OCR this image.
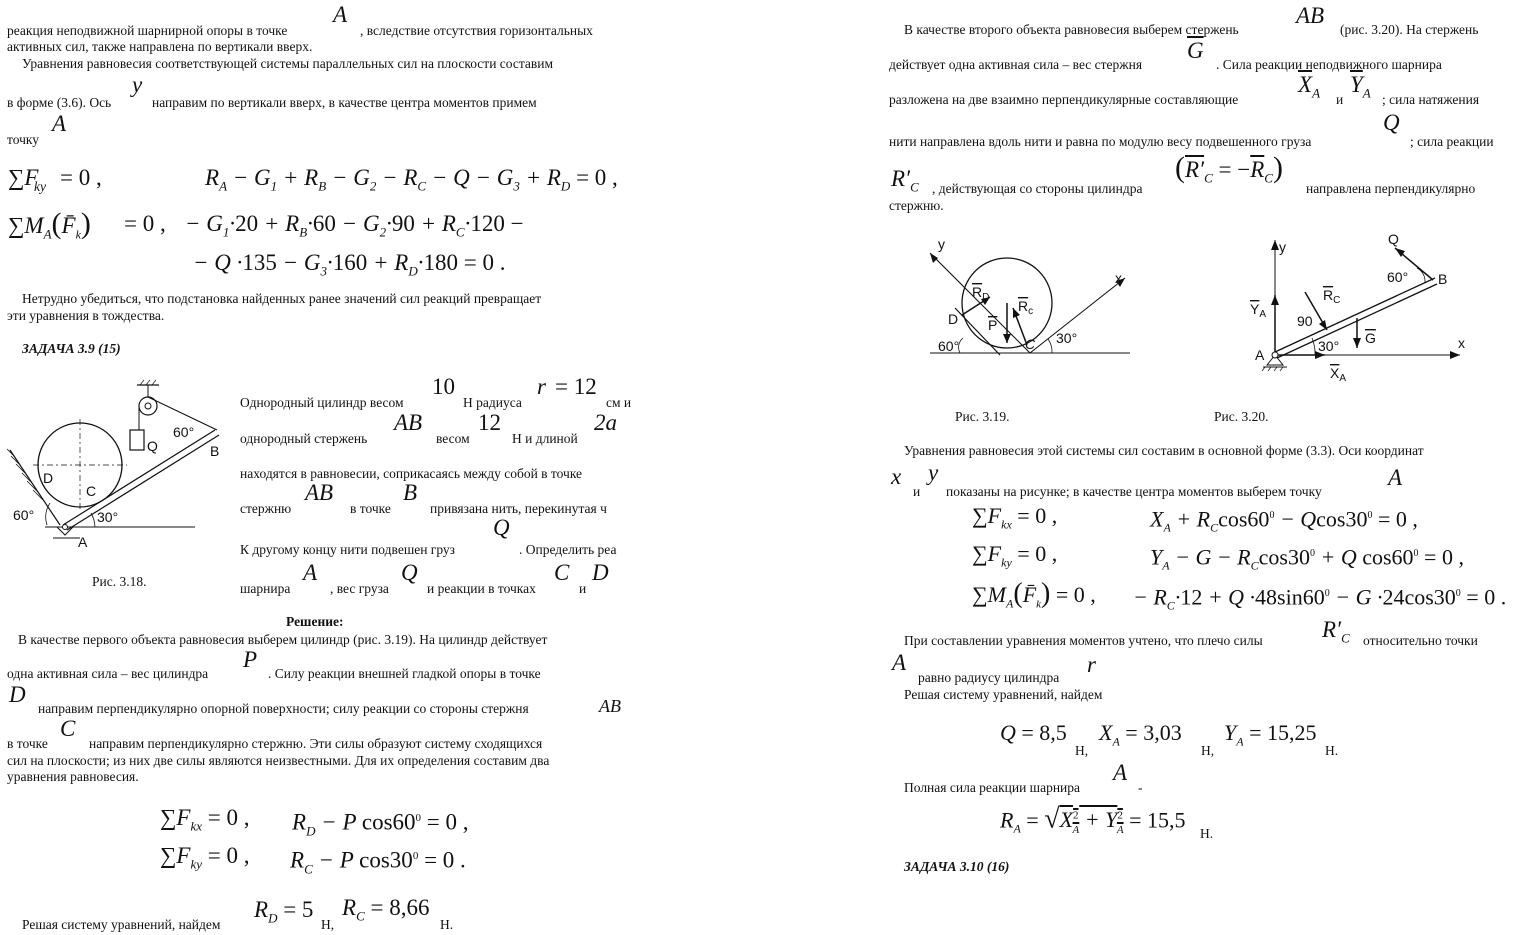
реакция неподвижной шарнирной опоры в точке
A
, вследствие отсутствия горизонтальных
активных сил, также направлена по вертикали вверх.
Уравнения равновесия соответствующей системы параллельных сил на плоскости составим
в форме (3.6). Ось
y
направим по вертикали вверх, в качестве центра моментов примем
точку
A
∑F
ky = 0 ,	$R_A - G_1 + R_B - G_2 - R_C - Q - G_3 + R_D = 0$ ,
$\sum M_A(F̄_k) = 0$ , − $G_1\cdot 20 + R_B\cdot 60 - G_2\cdot 90 + R_C\cdot 120$ −
− $Q \cdot 135 - G_3\cdot 160 + R_D\cdot 180 = 0$ .
Нетрудно убедиться, что подстановка найденных ранее значений сил реакций превращает
эти уравнения в тождества.
ЗАДАЧА 3.9 (15)
Q	B
60°
D
C
60°	30°
A
Рис. 3.18.
Однородный цилиндр весом
10
Н радиуса
r = 12
см и
однородный стержень
AB
весом
12
Н и длиной
2a
находятся в равновесии, соприкасаясь между собой в точке
стержню
AB
в точке
B
привязана нить, перекинутая ч
Q
К другому концу нити подвешен груз	. Определить реа
шарнира
A
, вес груза
Q
и реакции в точках
C
и
D
Решение:
В качестве первого объекта равновесия выберем цилиндр (рис. 3.19). На цилиндр действует
одна активная сила – вес цилиндра
P
. Силу реакции внешней гладкой опоры в точке
D
направим перпендикулярно опорной поверхности; силу реакции со стороны стержня	AB
в точке
C
направим перпендикулярно стержню. Эти силы образуют систему сходящихся
сил на плоскости; из них две силы являются неизвестными. Для их определения составим два
уравнения равновесия.
$\sum F_{kx} = 0$ , $R_D - P$ $\cos 60^0 = 0$ ,
$\sum F_{ky} = 0$ , $R_C - P$ $\cos 30^0 = 0$ .
Решая систему уравнений, найдем
$R_D = 5$
Н,
$R_C = 8,66$
Н.
В качестве второго объекта равновесия выберем стержень
AB
(рис. 3.20). На стержень
действует одна активная сила – вес стержня
$\overline{G}$
. Сила реакции неподвижного шарнира
разложена на две взаимно перпендикулярные составляющие
$\overline{X}_A$ и
$\overline{Y}_A$ ; сила натяжения
нити направлена вдоль нити и равна по модулю весу подвешенного груза
Q
; сила реакции
$R'_C$ , действующая со стороны цилиндра
$(R'_C = -\overline{R}_C)$
направлена перпендикулярно
стержню.
y
x
$R_D$
P
$R_c$
D
C
60°	30°
Рис. 3.19.
y
x
Q
B
$Y_A$
$R_C$
90
60°
A
30° G
$X_A$
Рис. 3.20.
Уравнения равновесия этой системы сил составим в основной форме (3.3). Оси координат
x
и
y
показаны на рисунке; в качестве центра моментов выберем точку
A
$\sum F_{kx} = 0$ ,	$X_A + R_C\cos 60^0 - Qcos30^0 = 0$ ,
$\sum F_{ky} = 0$ ,	$Y_A - G - R_C\cos 30^0 + Q$ $\cos 60^0 = 0$ ,
$\sum M_A(F̄_k) = 0$ , − $R_C\cdot 12 + Q \cdot 48\sin 60^0 - G \cdot 24\cos 30^0 = 0$ .
При составлении уравнения моментов учтено, что плечо силы	$R'_C$ относительно точки
A
равно радиусу цилиндра
r
Решая систему уравнений, найдем
Q = 8,5
Н,
$X_A = 3,03$
Н,
$Y_A = 15,25$
Н.
Полная сила реакции шарнира
A
-
$R_A = √X^2_A + Y^2_A = 15,5$
Н.
ЗАДАЧА 3.10 (16)
